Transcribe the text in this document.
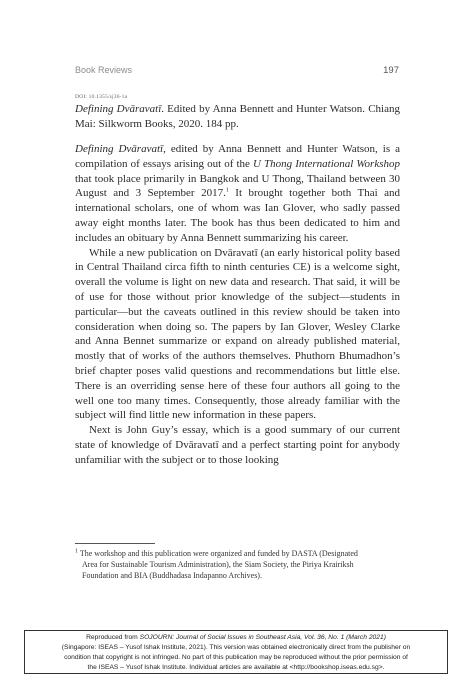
Book Reviews	197
DOI: 10.1355/sj36-1a

Defining Dvāravatī. Edited by Anna Bennett and Hunter Watson. Chiang Mai: Silkworm Books, 2020. 184 pp.

Defining Dvāravatī, edited by Anna Bennett and Hunter Watson, is a compilation of essays arising out of the U Thong International Workshop that took place primarily in Bangkok and U Thong, Thailand between 30 August and 3 September 2017.$^1$ It brought together both Thai and international scholars, one of whom was Ian Glover, who sadly passed away eight months later. The book has thus been dedicated to him and includes an obituary by Anna Bennett summarizing his career.

While a new publication on Dvāravatī (an early historical polity based in Central Thailand circa fifth to ninth centuries CE) is a welcome sight, overall the volume is light on new data and research. That said, it will be of use for those without prior knowledge of the subject—students in particular—but the caveats outlined in this review should be taken into consideration when doing so. The papers by Ian Glover, Wesley Clarke and Anna Bennet summarize or expand on already published material, mostly that of works of the authors themselves. Phuthorn Bhumadhon’s brief chapter poses valid questions and recommendations but little else. There is an overriding sense here of these four authors all going to the well one too many times. Consequently, those already familiar with the subject will find little new information in these papers.

Next is John Guy’s essay, which is a good summary of our current state of knowledge of Dvāravatī and a perfect starting point for anybody unfamiliar with the subject or to those looking

$^1$ The workshop and this publication were organized and funded by DASTA (Designated
Area for Sustainable Tourism Administration), the Siam Society, the Piriya Krairiksh
Foundation and BIA (Buddhadasa Indapanno Archives).
Reproduced from SOJOURN: Journal of Social Issues in Southeast Asia, Vol. 36, No. 1 (March 2021)
(Singapore: ISEAS – Yusof Ishak Institute, 2021). This version was obtained electronically direct from the publisher on
condition that copyright is not infringed. No part of this publication may be reproduced without the prior permission of
the ISEAS – Yusof Ishak Institute. Individual articles are available at <http://bookshop.iseas.edu.sg>.
